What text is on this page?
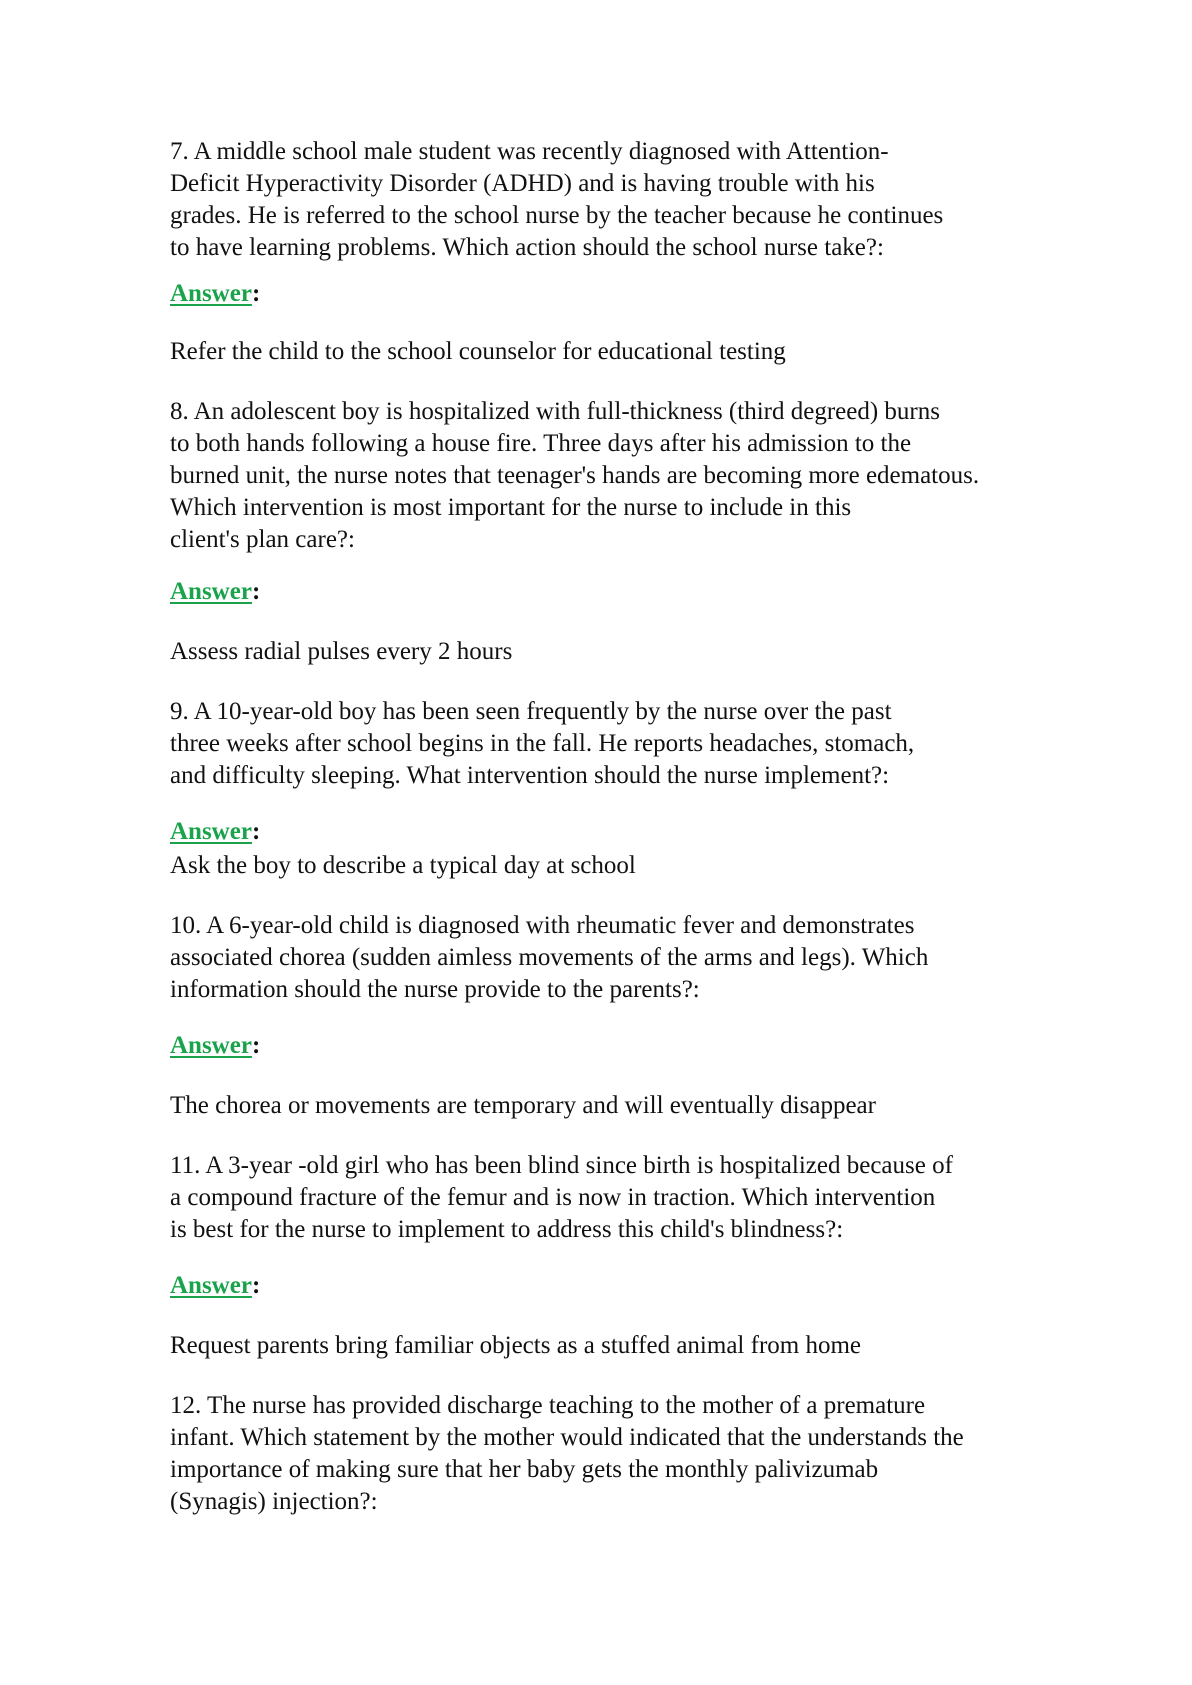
7. A middle school male student was recently diagnosed with Attention-
Deficit Hyperactivity Disorder (ADHD) and is having trouble with his
grades. He is referred to the school nurse by the teacher because he continues
to have learning problems. Which action should the school nurse take?:
Answer:
Refer the child to the school counselor for educational testing
8. An adolescent boy is hospitalized with full-thickness (third degreed) burns
to both hands following a house fire. Three days after his admission to the
burned unit, the nurse notes that teenager's hands are becoming more edematous.
Which intervention is most important for the nurse to include in this
client's plan care?:
Answer:
Assess radial pulses every 2 hours
9. A 10-year-old boy has been seen frequently by the nurse over the past
three weeks after school begins in the fall. He reports headaches, stomach,
and difficulty sleeping. What intervention should the nurse implement?:
Answer:
Ask the boy to describe a typical day at school
10. A 6-year-old child is diagnosed with rheumatic fever and demonstrates
associated chorea (sudden aimless movements of the arms and legs). Which
information should the nurse provide to the parents?:
Answer:
The chorea or movements are temporary and will eventually disappear
11. A 3-year -old girl who has been blind since birth is hospitalized because of
a compound fracture of the femur and is now in traction. Which intervention
is best for the nurse to implement to address this child's blindness?:
Answer:
Request parents bring familiar objects as a stuffed animal from home
12. The nurse has provided discharge teaching to the mother of a premature
infant. Which statement by the mother would indicated that the understands the
importance of making sure that her baby gets the monthly palivizumab
(Synagis) injection?:
